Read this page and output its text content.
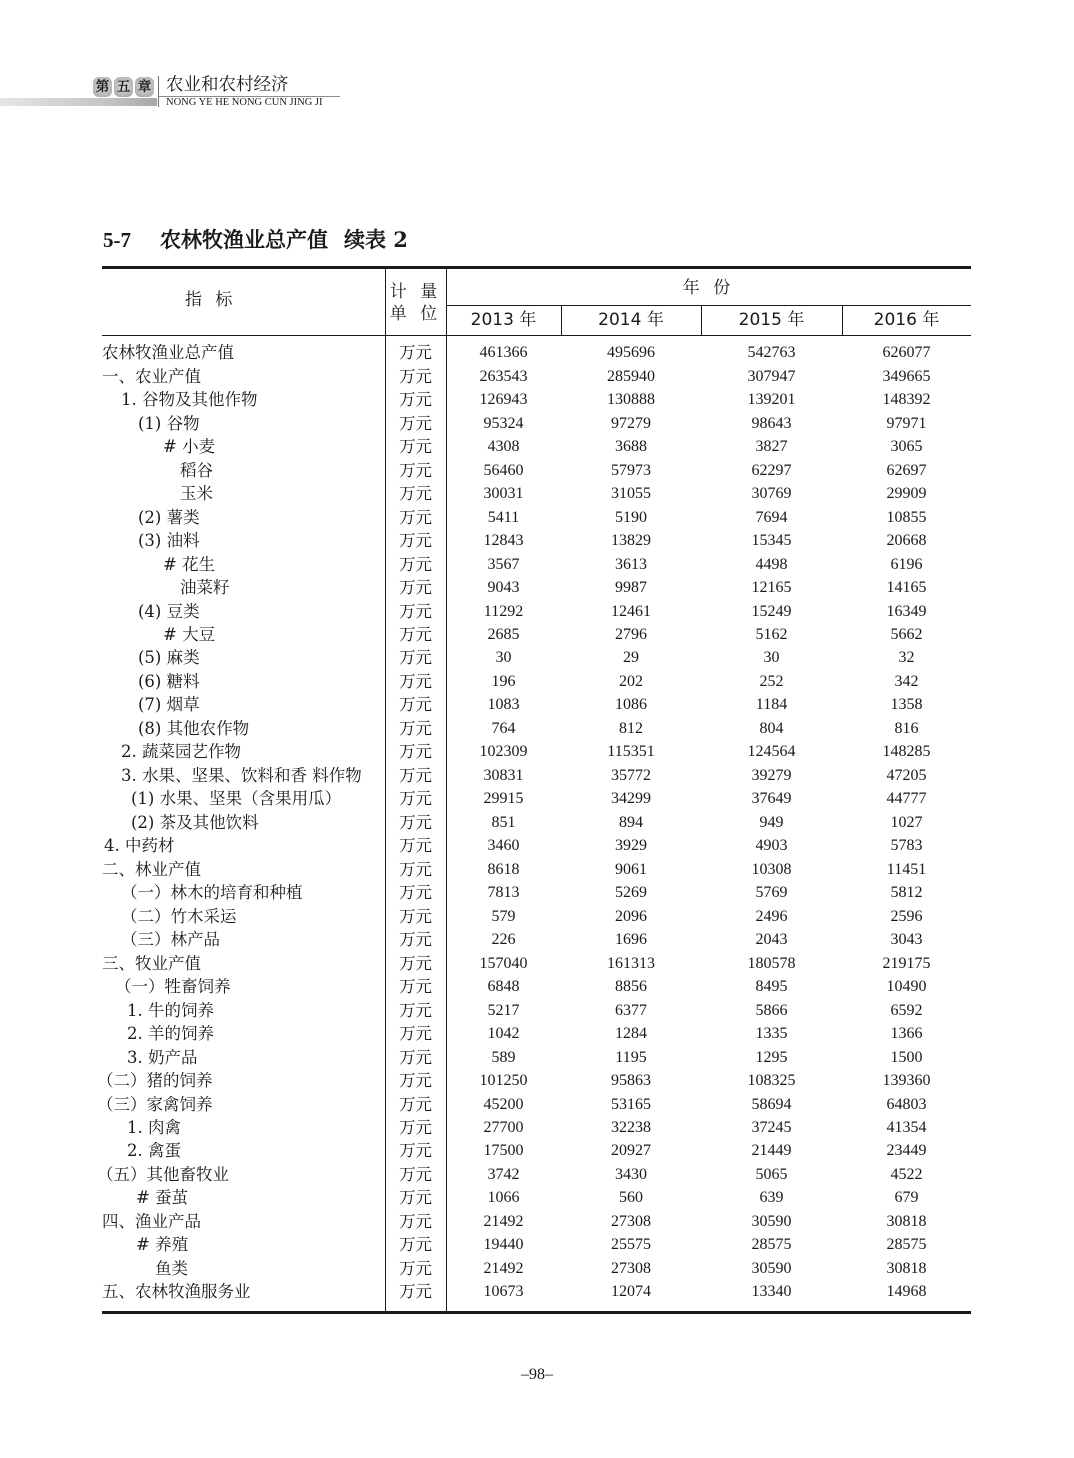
第 五 章 农业和农村经济
NONG YE HE NONG CUN JING JI
5-7 农林牧渔业总产值 续表 2
指 标	计 量
单 位
年 份
2013 年	2014 年	2015 年	2016 年
农林牧渔业总产值	万元	461366	495696	542763	626077
一、农业产值	万元	263543	285940	307947	349665
1. 谷物及其他作物	万元	126943	130888	139201	148392
(1) 谷物	万元	95324	97279	98643	97971
# 小麦	万元	4308	3688	3827	3065
稻谷	万元	56460	57973	62297	62697
玉米	万元	30031	31055	30769	29909
(2) 薯类	万元	5411	5190	7694	10855
(3) 油料	万元	12843	13829	15345	20668
# 花生	万元	3567	3613	4498	6196
油菜籽	万元	9043	9987	12165	14165
(4) 豆类	万元	11292	12461	15249	16349
# 大豆	万元	2685	2796	5162	5662
(5) 麻类	万元	30	29	30	32
(6) 糖料	万元	196	202	252	342
(7) 烟草	万元	1083	1086	1184	1358
(8) 其他农作物	万元	764	812	804	816
2. 蔬菜园艺作物	万元	102309	115351	124564	148285
3. 水果、坚果、饮料和香 料作物	万元	30831	35772	39279	47205
(1) 水果、坚果（含果用瓜）	万元	29915	34299	37649	44777
(2) 茶及其他饮料	万元	851	894	949	1027
4. 中药材	万元	3460	3929	4903	5783
二、林业产值	万元	8618	9061	10308	11451
（一）林木的培育和种植	万元	7813	5269	5769	5812
（二）竹木采运	万元	579	2096	2496	2596
（三）林产品	万元	226	1696	2043	3043
三、牧业产值	万元	157040	161313	180578	219175
（一）牲畜饲养	万元	6848	8856	8495	10490
1. 牛的饲养	万元	5217	6377	5866	6592
2. 羊的饲养	万元	1042	1284	1335	1366
3. 奶产品	万元	589	1195	1295	1500
（二）猪的饲养	万元	101250	95863	108325	139360
（三）家禽饲养	万元	45200	53165	58694	64803
1. 肉禽	万元	27700	32238	37245	41354
2. 禽蛋	万元	17500	20927	21449	23449
（五）其他畜牧业	万元	3742	3430	5065	4522
# 蚕茧	万元	1066	560	639	679
四、渔业产品	万元	21492	27308	30590	30818
# 养殖	万元	19440	25575	28575	28575
鱼类	万元	21492	27308	30590	30818
五、农林牧渔服务业	万元	10673	12074	13340	14968
–98–
